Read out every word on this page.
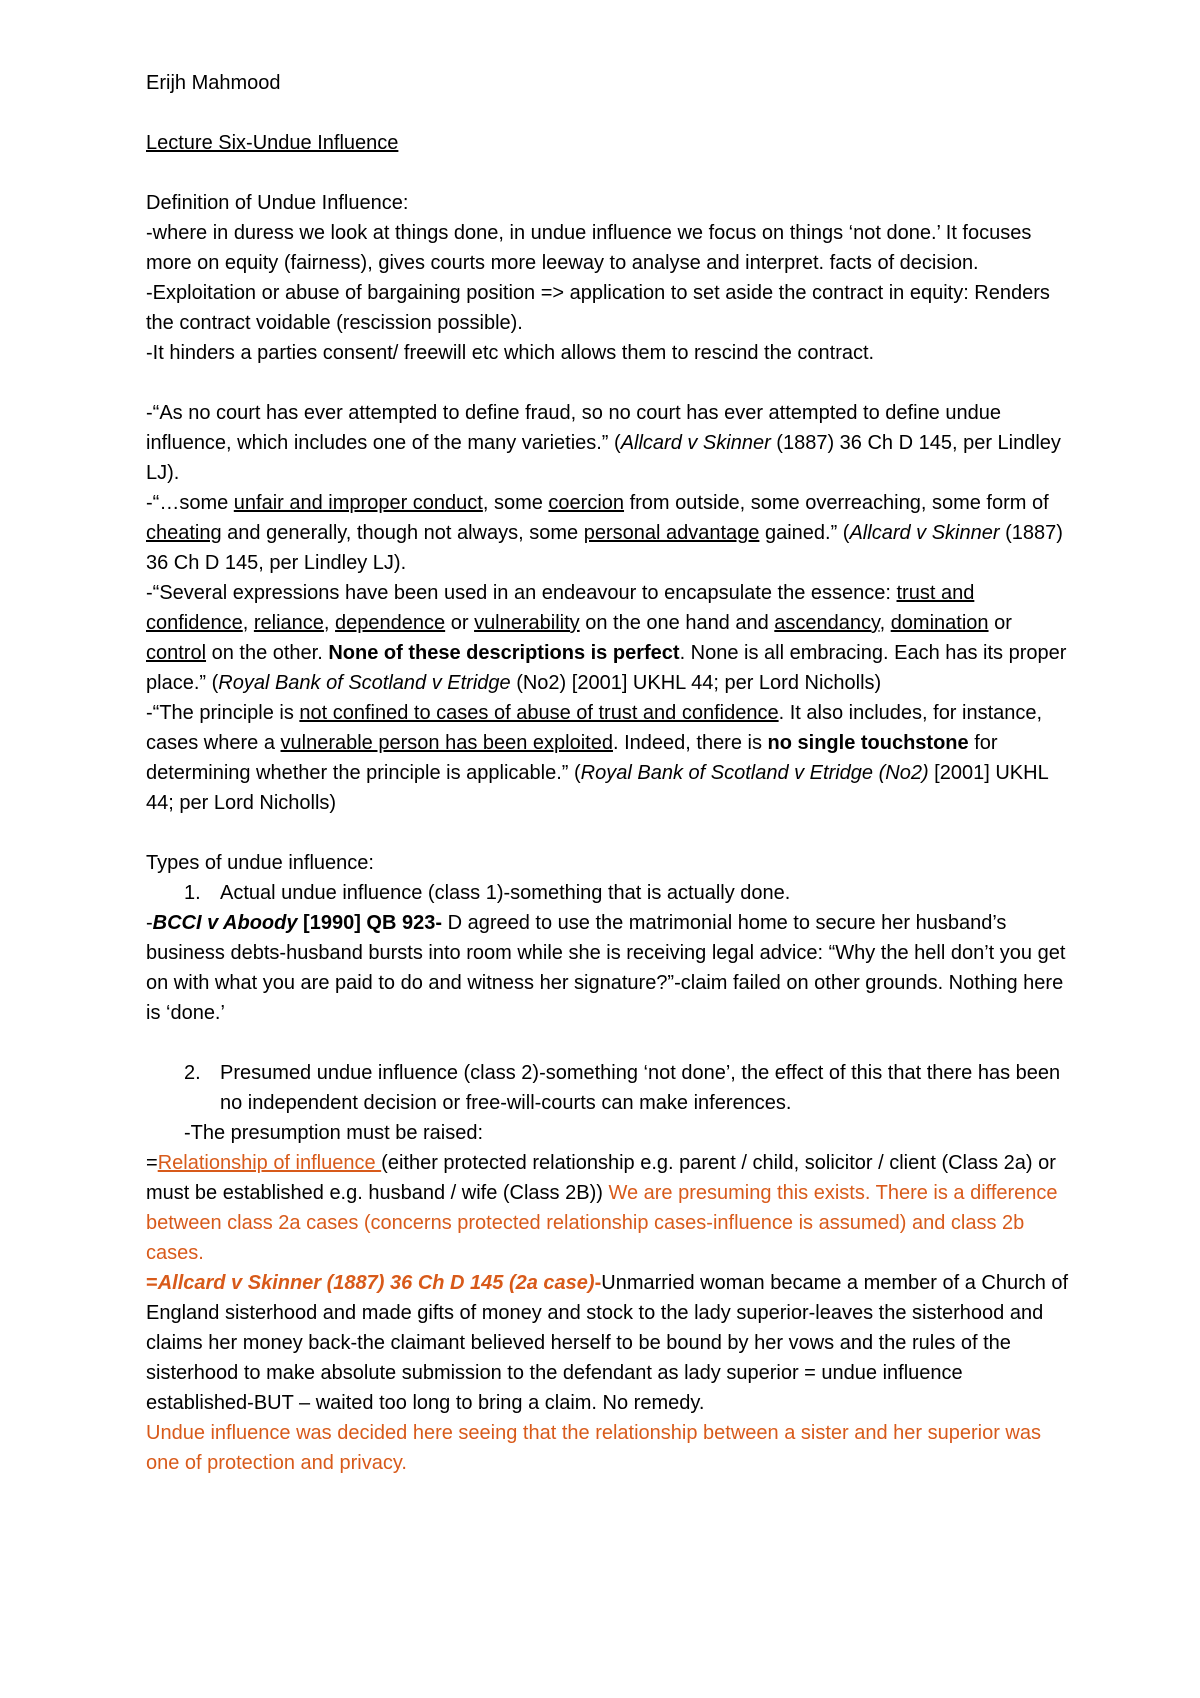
Erijh Mahmood

Lecture Six-Undue Influence

Definition of Undue Influence:

-where in duress we look at things done, in undue influence we focus on things ‘not done.’ It focuses more on equity (fairness), gives courts more leeway to analyse and interpret. facts of decision.

-Exploitation or abuse of bargaining position => application to set aside the contract in equity: Renders the contract voidable (rescission possible).

-It hinders a parties consent/ freewill etc which allows them to rescind the contract.

-“As no court has ever attempted to define fraud, so no court has ever attempted to define undue influence, which includes one of the many varieties.” (Allcard v Skinner (1887) 36 Ch D 145, per Lindley LJ).

-“…some unfair and improper conduct, some coercion from outside, some overreaching, some form of cheating and generally, though not always, some personal advantage gained.” (Allcard v Skinner (1887) 36 Ch D 145, per Lindley LJ).

-“Several expressions have been used in an endeavour to encapsulate the essence: trust and confidence, reliance, dependence or vulnerability on the one hand and ascendancy, domination or control on the other. None of these descriptions is perfect. None is all embracing. Each has its proper place.” (Royal Bank of Scotland v Etridge (No2) [2001] UKHL 44; per Lord Nicholls)

-“The principle is not confined to cases of abuse of trust and confidence. It also includes, for instance, cases where a vulnerable person has been exploited. Indeed, there is no single touchstone for determining whether the principle is applicable.” (Royal Bank of Scotland v Etridge (No2) [2001] UKHL 44; per Lord Nicholls)

Types of undue influence:

1. Actual undue influence (class 1)-something that is actually done.

-BCCI v Aboody [1990] QB 923- D agreed to use the matrimonial home to secure her husband’s business debts-husband bursts into room while she is receiving legal advice: “Why the hell don’t you get on with what you are paid to do and witness her signature?”-claim failed on other grounds. Nothing here is ‘done.’

2. Presumed undue influence (class 2)-something ‘not done’, the effect of this that there has been no independent decision or free-will-courts can make inferences.

-The presumption must be raised:

=Relationship of influence (either protected relationship e.g. parent / child, solicitor / client (Class 2a) or must be established e.g. husband / wife (Class 2B)) We are presuming this exists. There is a difference between class 2a cases (concerns protected relationship cases-influence is assumed) and class 2b cases.

=Allcard v Skinner (1887) 36 Ch D 145 (2a case)-Unmarried woman became a member of a Church of England sisterhood and made gifts of money and stock to the lady superior-leaves the sisterhood and claims her money back-the claimant believed herself to be bound by her vows and the rules of the sisterhood to make absolute submission to the defendant as lady superior = undue influence established-BUT – waited too long to bring a claim. No remedy.

Undue influence was decided here seeing that the relationship between a sister and her superior was one of protection and privacy.
